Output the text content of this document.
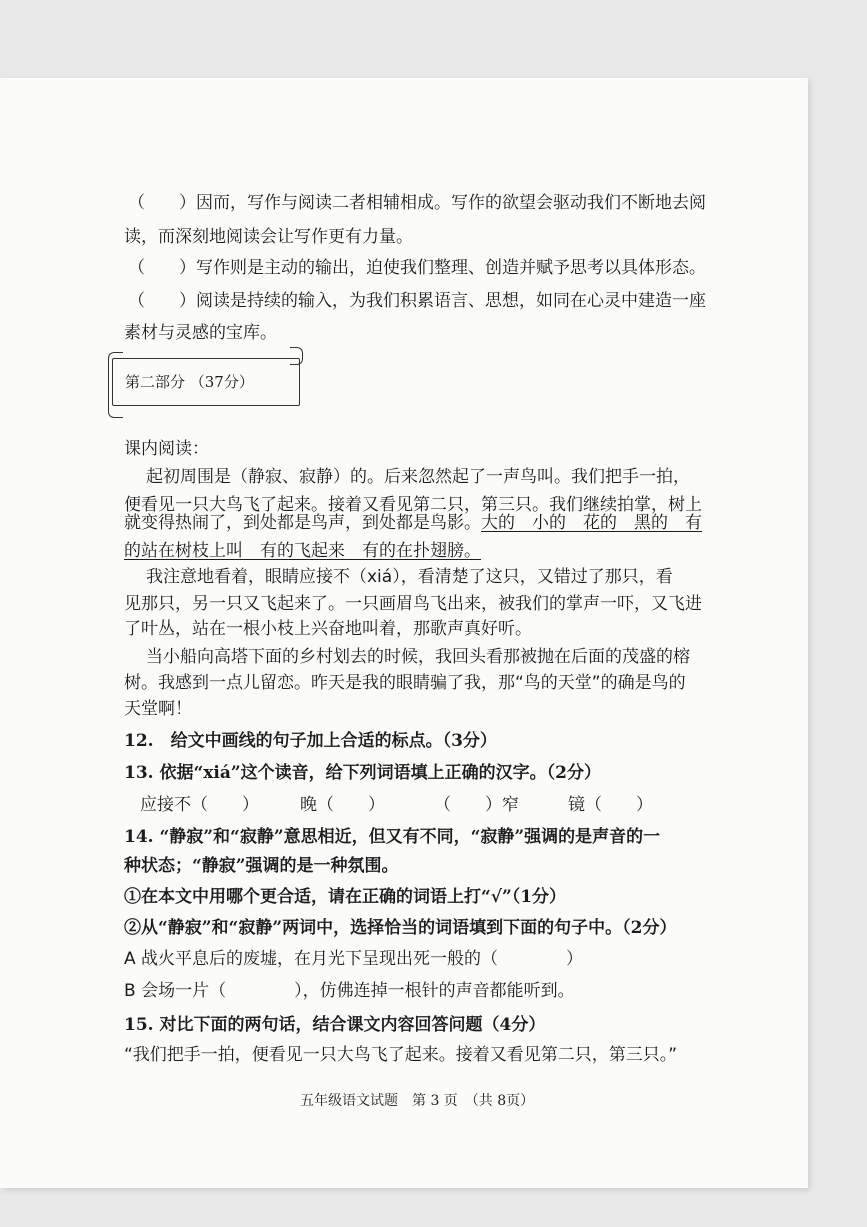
（　　）因而，写作与阅读二者相辅相成。写作的欲望会驱动我们不断地去阅
读，而深刻地阅读会让写作更有力量。
（　　）写作则是主动的输出，迫使我们整理、创造并赋予思考以具体形态。
（　　）阅读是持续的输入，为我们积累语言、思想，如同在心灵中建造一座
素材与灵感的宝库。
第二部分 （37分）
课内阅读：
起初周围是（静寂、寂静）的。后来忽然起了一声鸟叫。我们把手一拍，
便看见一只大鸟飞了起来。接着又看见第二只，第三只。我们继续拍掌，树上
就变得热闹了，到处都是鸟声，到处都是鸟影。大的　小的　花的　黑的　有
的站在树枝上叫　有的飞起来　有的在扑翅膀。
我注意地看着，眼睛应接不（xiá），看清楚了这只，又错过了那只，看
见那只，另一只又飞起来了。一只画眉鸟飞出来，被我们的掌声一吓，又飞进
了叶丛，站在一根小枝上兴奋地叫着，那歌声真好听。
当小船向高塔下面的乡村划去的时候，我回头看那被抛在后面的茂盛的榕
树。我感到一点儿留恋。昨天是我的眼睛骗了我，那“鸟的天堂”的确是鸟的
天堂啊！
12.　给文中画线的句子加上合适的标点。（3分）
13. 依据“xiá”这个读音，给下列词语填上正确的汉字。（2分）
应接不（　　） 晚（　　）	（　　）窄	镜（　　）
14. “静寂”和“寂静”意思相近，但又有不同，“寂静”强调的是声音的一
种状态；“静寂”强调的是一种氛围。
①在本文中用哪个更合适，请在正确的词语上打“√”（1分）
②从“静寂”和“寂静”两词中，选择恰当的词语填到下面的句子中。（2分）
A 战火平息后的废墟，在月光下呈现出死一般的（　　　　）
B 会场一片（　　　　），仿佛连掉一根针的声音都能听到。
15. 对比下面的两句话，结合课文内容回答问题（4分）
“我们把手一拍，便看见一只大鸟飞了起来。接着又看见第二只，第三只。”
五年级语文试题　第 3 页　（共 8页）
